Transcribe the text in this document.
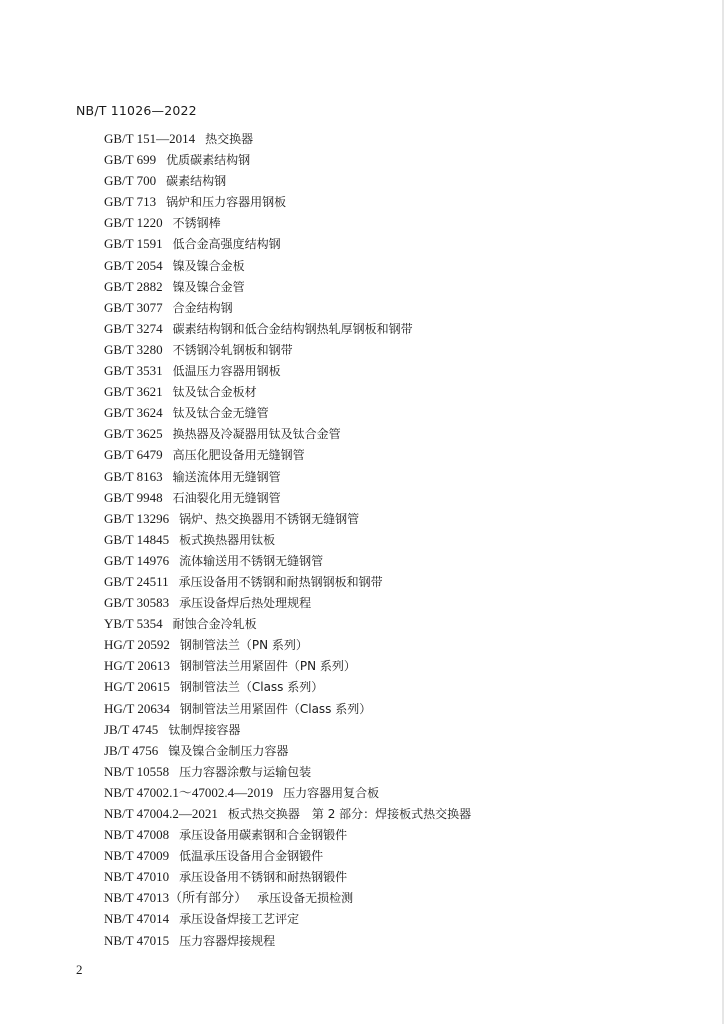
NB/T 11026—2022
GB/T 151—2014 热交换器
GB/T 699 优质碳素结构钢
GB/T 700 碳素结构钢
GB/T 713 锅炉和压力容器用钢板
GB/T 1220 不锈钢棒
GB/T 1591 低合金高强度结构钢
GB/T 2054 镍及镍合金板
GB/T 2882 镍及镍合金管
GB/T 3077 合金结构钢
GB/T 3274 碳素结构钢和低合金结构钢热轧厚钢板和钢带
GB/T 3280 不锈钢冷轧钢板和钢带
GB/T 3531 低温压力容器用钢板
GB/T 3621 钛及钛合金板材
GB/T 3624 钛及钛合金无缝管
GB/T 3625 换热器及冷凝器用钛及钛合金管
GB/T 6479 高压化肥设备用无缝钢管
GB/T 8163 输送流体用无缝钢管
GB/T 9948 石油裂化用无缝钢管
GB/T 13296 锅炉、热交换器用不锈钢无缝钢管
GB/T 14845 板式换热器用钛板
GB/T 14976 流体输送用不锈钢无缝钢管
GB/T 24511 承压设备用不锈钢和耐热钢钢板和钢带
GB/T 30583 承压设备焊后热处理规程
YB/T 5354 耐蚀合金冷轧板
HG/T 20592 钢制管法兰（PN 系列）
HG/T 20613 钢制管法兰用紧固件（PN 系列）
HG/T 20615 钢制管法兰（Class 系列）
HG/T 20634 钢制管法兰用紧固件（Class 系列）
JB/T 4745 钛制焊接容器
JB/T 4756 镍及镍合金制压力容器
NB/T 10558 压力容器涂敷与运输包装
NB/T 47002.1～47002.4—2019 压力容器用复合板
NB/T 47004.2—2021 板式热交换器　第 2 部分：焊接板式热交换器
NB/T 47008 承压设备用碳素钢和合金钢锻件
NB/T 47009 低温承压设备用合金钢锻件
NB/T 47010 承压设备用不锈钢和耐热钢锻件
NB/T 47013（所有部分） 承压设备无损检测
NB/T 47014 承压设备焊接工艺评定
NB/T 47015 压力容器焊接规程
2
